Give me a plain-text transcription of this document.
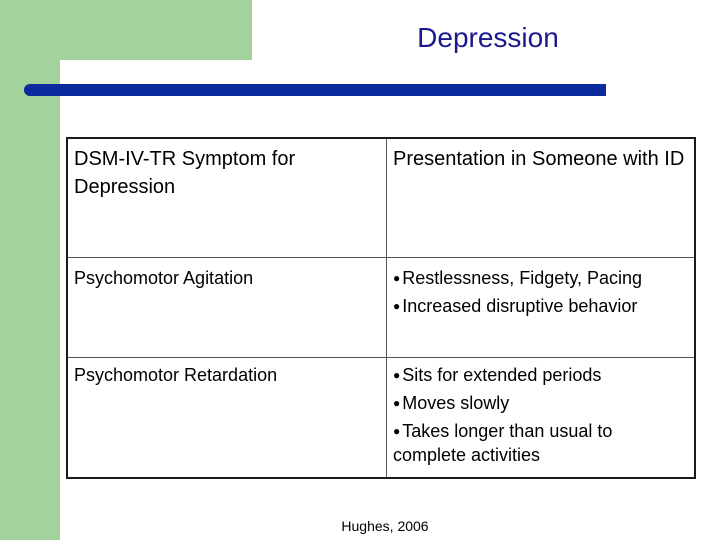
Depression
DSM-IV-TR Symptom for Depression	Presentation in Someone with ID
Psychomotor Agitation	● Restlessness, Fidgety, Pacing
● Increased disruptive behavior

Psychomotor Retardation	● Sits for extended periods
● Moves slowly
● Takes longer than usual to complete activities
Hughes, 2006
